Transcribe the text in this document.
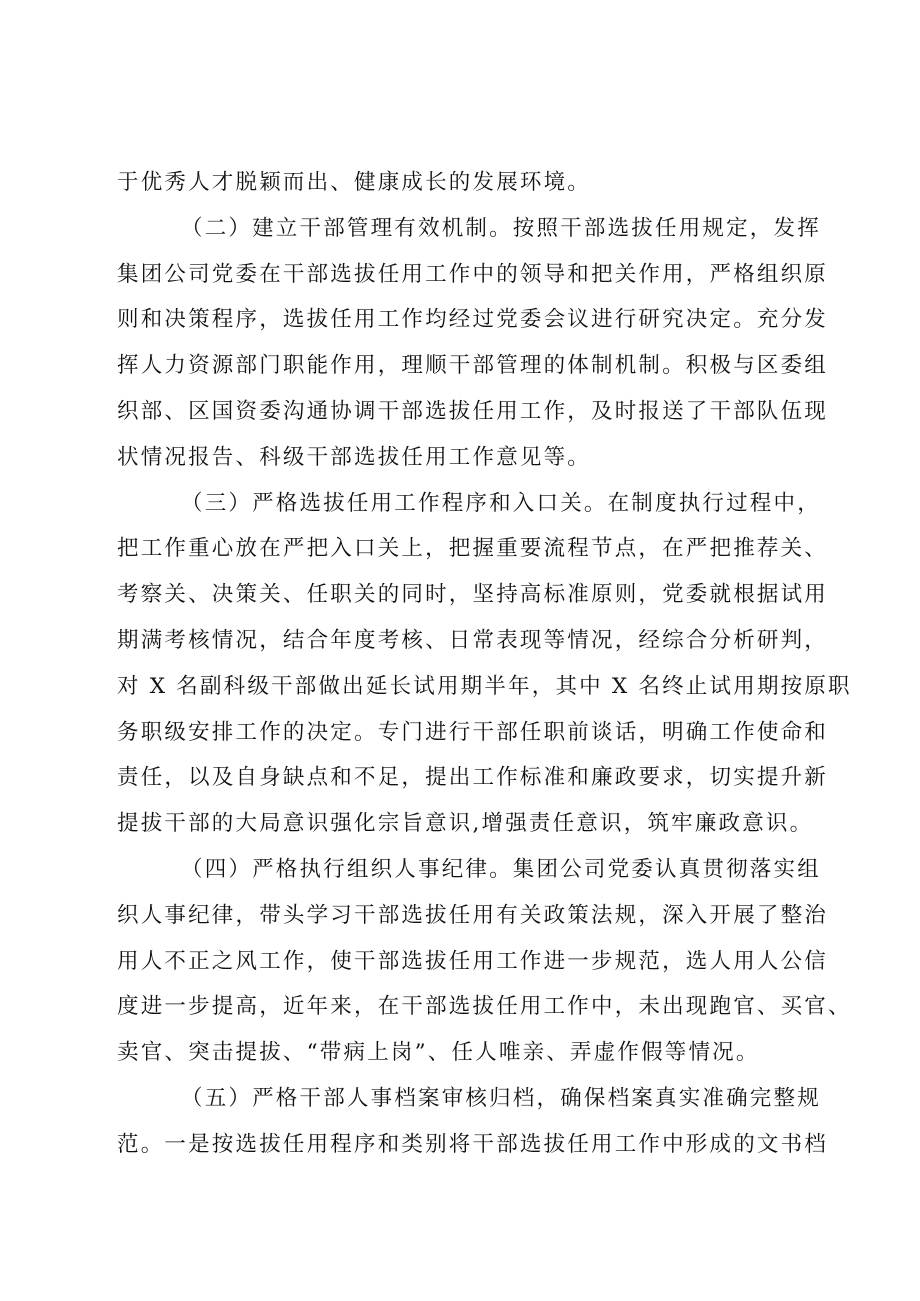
于优秀人才脱颖而出、健康成长的发展环境。

（二）建立干部管理有效机制。按照干部选拔任用规定，发挥

集团公司党委在干部选拔任用工作中的领导和把关作用，严格组织原

则和决策程序，选拔任用工作均经过党委会议进行研究决定。充分发

挥人力资源部门职能作用，理顺干部管理的体制机制。积极与区委组

织部、区国资委沟通协调干部选拔任用工作，及时报送了干部队伍现

状情况报告、科级干部选拔任用工作意见等。

（三）严格选拔任用工作程序和入口关。在制度执行过程中，

把工作重心放在严把入口关上，把握重要流程节点，在严把推荐关、

考察关、决策关、任职关的同时，坚持高标准原则，党委就根据试用

期满考核情况，结合年度考核、日常表现等情况，经综合分析研判，

对 X 名副科级干部做出延长试用期半年，其中 X 名终止试用期按原职

务职级安排工作的决定。专门进行干部任职前谈话，明确工作使命和

责任，以及自身缺点和不足，提出工作标准和廉政要求，切实提升新

提拔干部的大局意识强化宗旨意识,增强责任意识，筑牢廉政意识。

（四）严格执行组织人事纪律。集团公司党委认真贯彻落实组

织人事纪律，带头学习干部选拔任用有关政策法规，深入开展了整治

用人不正之风工作，使干部选拔任用工作进一步规范，选人用人公信

度进一步提高，近年来，在干部选拔任用工作中，未出现跑官、买官、

卖官、突击提拔、“带病上岗”、任人唯亲、弄虚作假等情况。

（五）严格干部人事档案审核归档，确保档案真实准确完整规

范。一是按选拔任用程序和类别将干部选拔任用工作中形成的文书档
